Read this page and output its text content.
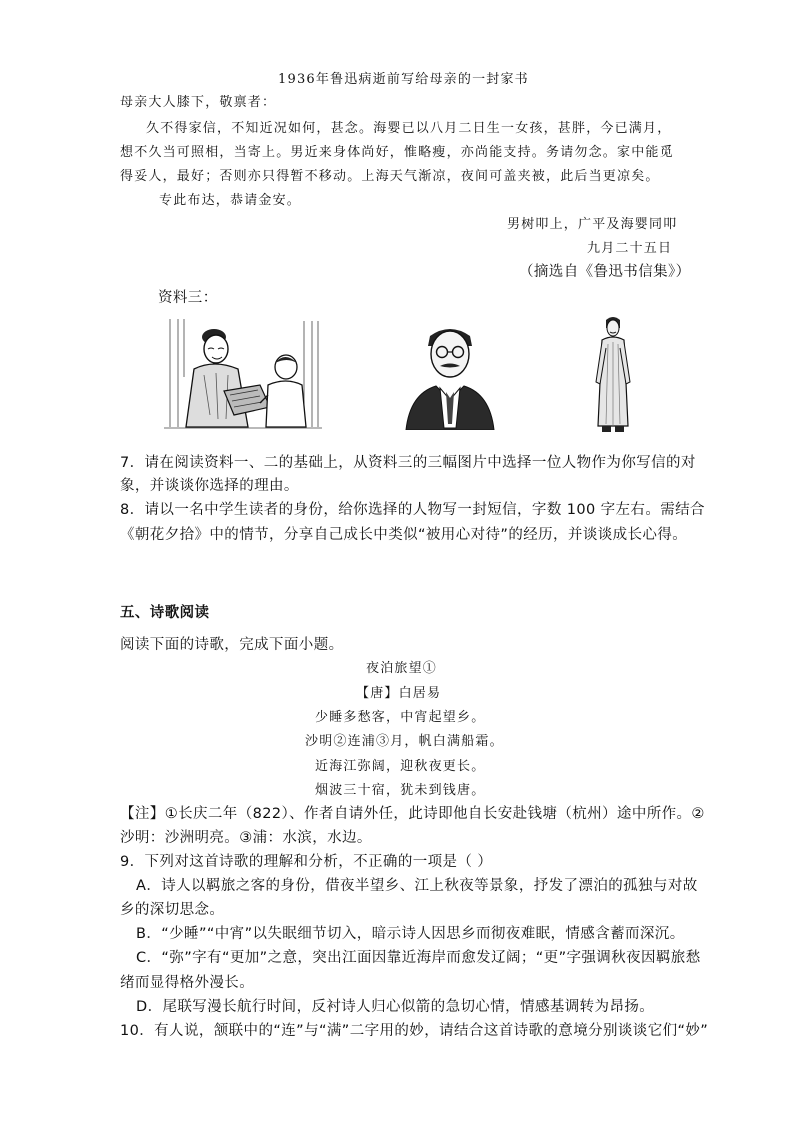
1936年鲁迅病逝前写给母亲的一封家书
母亲大人膝下，敬禀者：
久不得家信，不知近况如何，甚念。海婴已以八月二日生一女孩，甚胖，今已满月，
想不久当可照相，当寄上。男近来身体尚好，惟略瘦，亦尚能支持。务请勿念。家中能觅
得妥人，最好；否则亦只得暂不移动。上海天气渐凉，夜间可盖夹被，此后当更凉矣。
专此布达，恭请金安。
男树叩上，广平及海婴同叩
九月二十五日
（摘选自《鲁迅书信集》）
资料三：
7．请在阅读资料一、二的基础上，从资料三的三幅图片中选择一位人物作为你写信的对
象，并谈谈你选择的理由。
8．请以一名中学生读者的身份，给你选择的人物写一封短信，字数 100 字左右。需结合
《朝花夕拾》中的情节，分享自己成长中类似“被用心对待”的经历，并谈谈成长心得。
五、诗歌阅读
阅读下面的诗歌，完成下面小题。
夜泊旅望①
【唐】白居易
少睡多愁客，中宵起望乡。
沙明②连浦③月，帆白满船霜。
近海江弥阔，迎秋夜更长。
烟波三十宿，犹未到钱唐。
【注】①长庆二年（822）、作者自请外任，此诗即他自长安赴钱塘（杭州）途中所作。②
沙明：沙洲明亮。③浦：水滨，水边。
9．下列对这首诗歌的理解和分析，不正确的一项是（ ）
A．诗人以羁旅之客的身份，借夜半望乡、江上秋夜等景象，抒发了漂泊的孤独与对故
乡的深切思念。
B．“少睡”“中宵”以失眠细节切入，暗示诗人因思乡而彻夜难眠，情感含蓄而深沉。
C．“弥”字有“更加”之意，突出江面因靠近海岸而愈发辽阔；“更”字强调秋夜因羁旅愁
绪而显得格外漫长。
D．尾联写漫长航行时间，反衬诗人归心似箭的急切心情，情感基调转为昂扬。
10．有人说，颔联中的“连”与“满”二字用的妙，请结合这首诗歌的意境分别谈谈它们“妙”
